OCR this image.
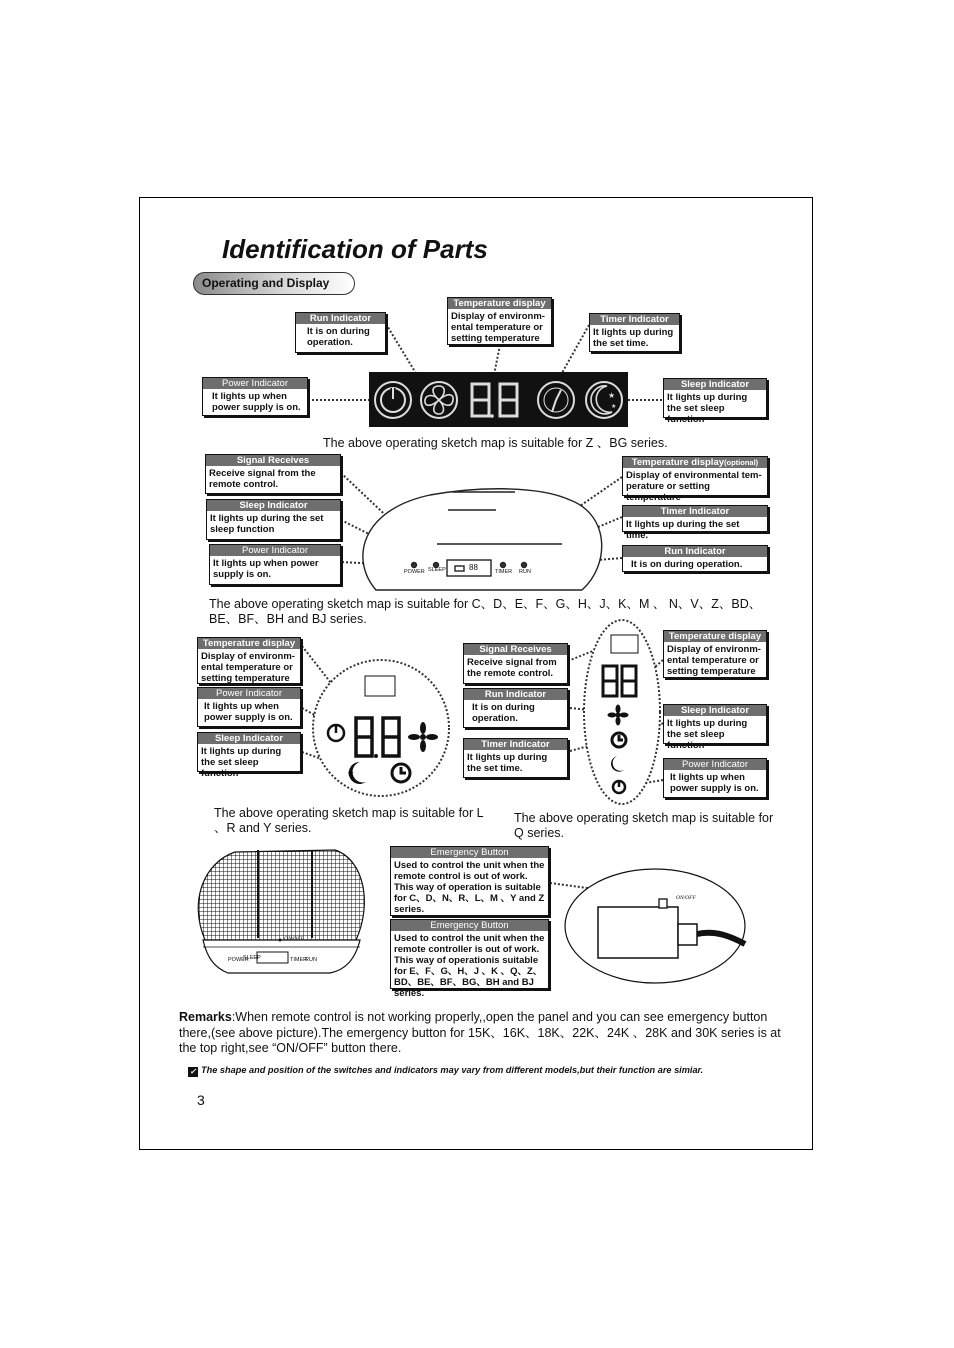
Identification of Parts
Operating and Display
★
★
★
Run Indicator
It is on during operation.
Temperature display
Display of environm-ental temperature or setting temperature
Timer Indicator
It lights up during the set time.
Power Indicator
It lights up when power supply is on.
Sleep Indicator
It lights up during the set sleep function
The above operating sketch map is suitable for Z 、BG series.
Signal Receives
Receive signal from the remote control.
Sleep Indicator
It lights up during the set sleep function
Power Indicator
It lights up when power supply is on.
Temperature display(optional)
Display of environmental tem-perature or setting temperature
Timer Indicator
It lights up during the set time.
Run Indicator
It is on during operation.
POWER SLEEP	TIMER RUN
88
The above operating sketch map is suitable for C、D、E、F、G、H、J、K、M 、 N、V、Z、BD、BE、BF、BH and BJ series.
Temperature display
Display of environm-ental temperature or setting temperature
Power Indicator
It lights up when power supply is on.
Sleep Indicator
It lights up during the set sleep function
The above operating sketch map is suitable for L 、R and Y series.
Signal Receives
Receive signal from the remote control.
Run Indicator
It is on during operation.
Timer Indicator
It lights up during the set time.
Temperature display
Display of environm-ental temperature or setting temperature
Sleep Indicator
It lights up during the set sleep function
Power Indicator
It lights up when power supply is on.
The above operating sketch map is suitable for Q series.
Emergency Button
Used to control the unit when the remote control is out of work. This way of operation is suitable for C、D、N、R、L、M 、Y and Z series.
Emergency Button
Used to control the unit when the remote controller is out of work. This way of operationis suitable for E、F、G、H、J 、K 、Q、Z、BD、BE、BF、BG、BH and BJ series.
ON/OFF
ON/OFF
POWER
SLEEP	TIMER
RUN
Remarks:When remote control is not working properly,,open the panel and you can see emergency button there,(see above picture).The emergency button for 15K、16K、18K、22K、24K 、28K and 30K series is at the top right,see “ON/OFF” button there.
✓ The shape and position of the switches and indicators may vary from different models,but their function are simiar.
3
